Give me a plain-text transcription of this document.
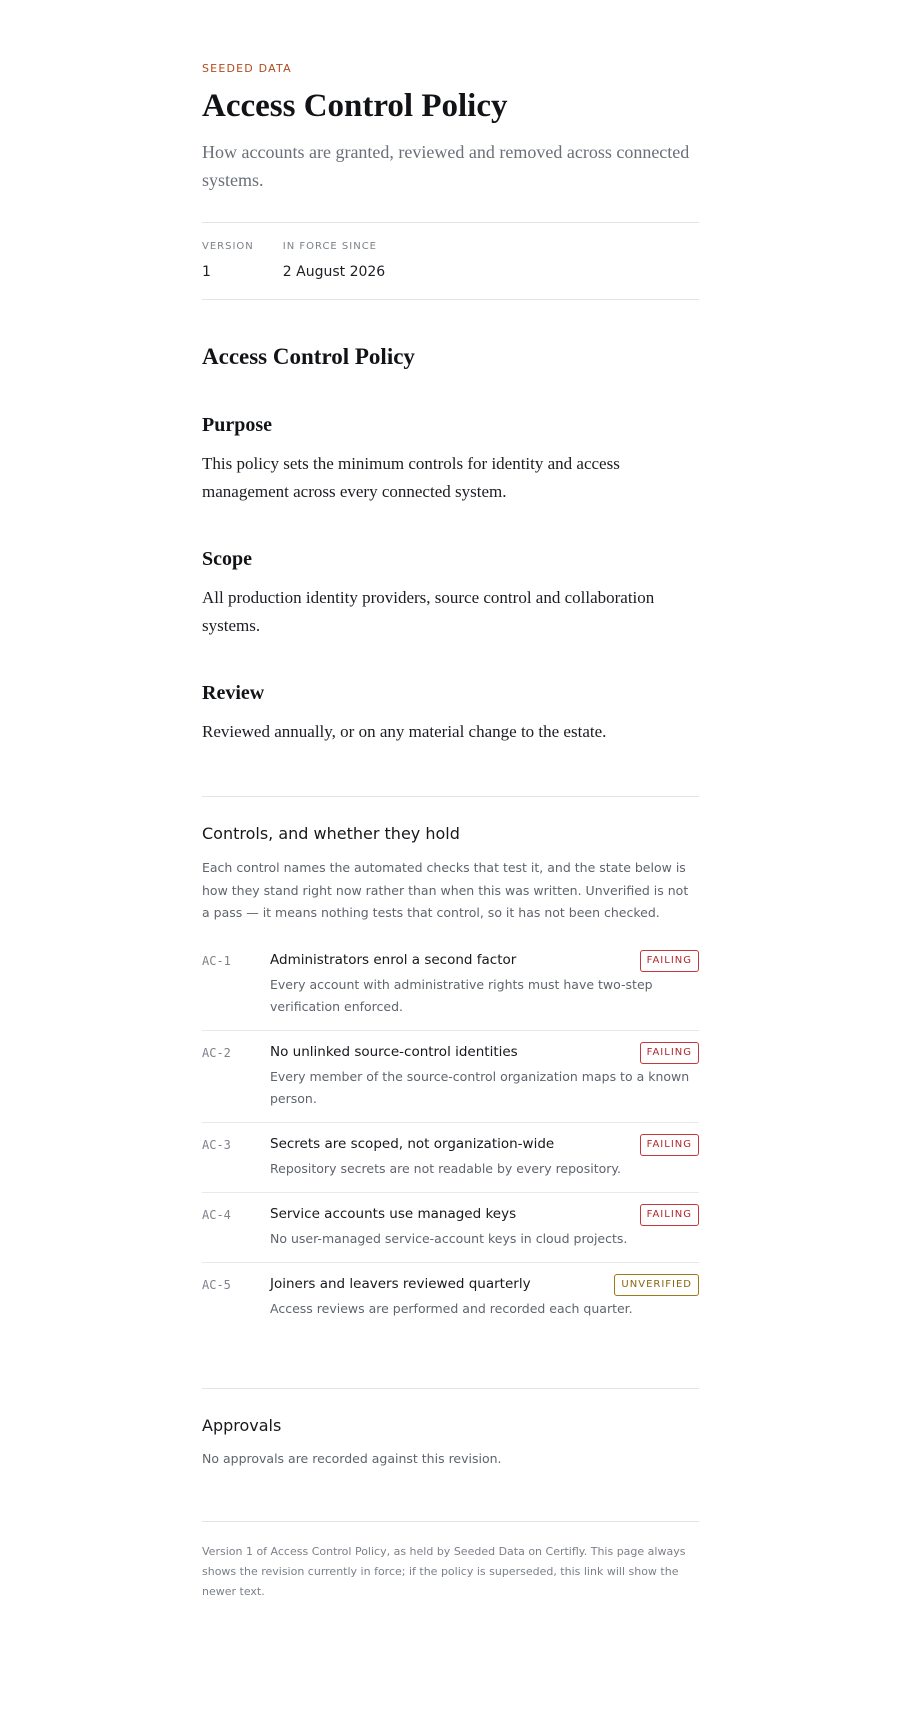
SEEDED DATA

Access Control Policy

How accounts are granted, reviewed and removed across connected systems.

VERSION
1
IN FORCE SINCE
2 August 2026
Access Control Policy
Purpose

This policy sets the minimum controls for identity and access management across every connected system.

Scope

All production identity providers, source control and collaboration systems.

Review

Reviewed annually, or on any material change to the estate.

Controls, and whether they hold

Each control names the automated checks that test it, and the state below is how they stand right now rather than when this was written. Unverified is not a pass — it means nothing tests that control, so it has not been checked.

AC-1	Administrators enrol a second factor	FAILING
Every account with administrative rights must have two-step verification enforced.
AC-2	No unlinked source-control identities	FAILING
Every member of the source-control organization maps to a known person.
AC-3	Secrets are scoped, not organization-wide	FAILING
Repository secrets are not readable by every repository.
AC-4	Service accounts use managed keys	FAILING
No user-managed service-account keys in cloud projects.
AC-5	Joiners and leavers reviewed quarterly	UNVERIFIED
Access reviews are performed and recorded each quarter.
Approvals

No approvals are recorded against this revision.

Version 1 of Access Control Policy, as held by Seeded Data on Certifly. This page always shows the revision currently in force; if the policy is superseded, this link will show the newer text.
